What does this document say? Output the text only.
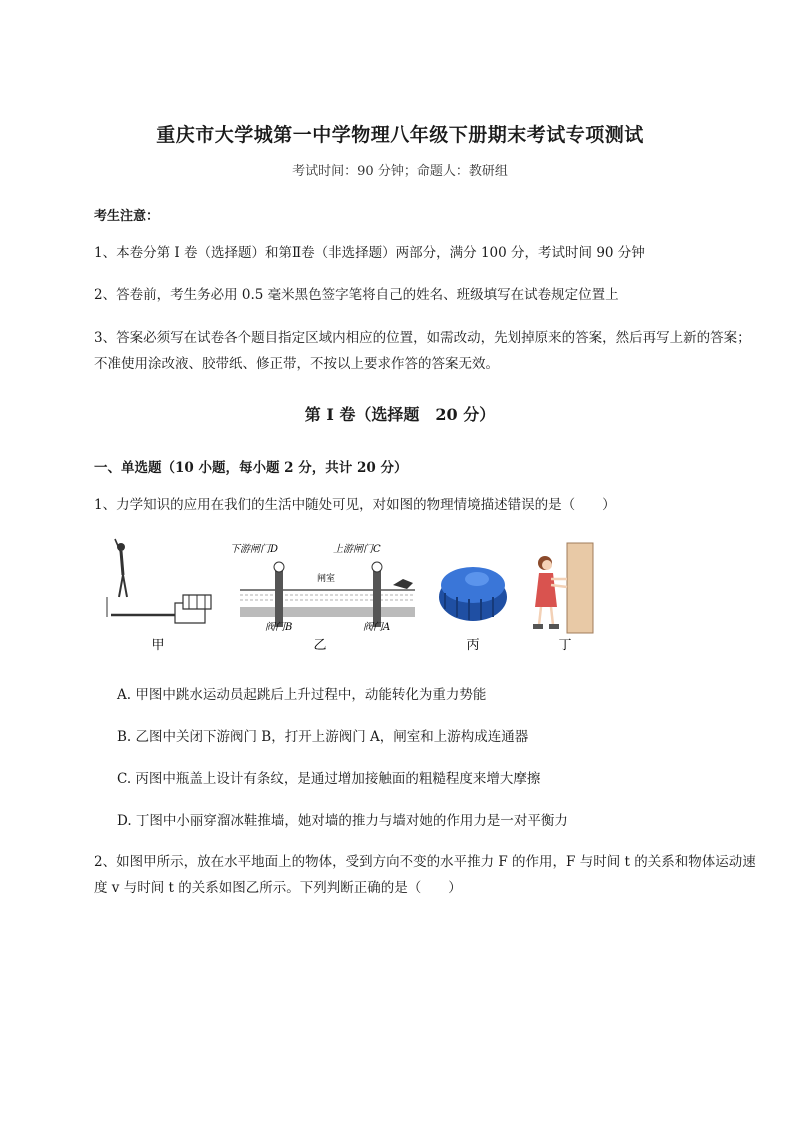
重庆市大学城第一中学物理八年级下册期末考试专项测试
考试时间：90 分钟；命题人：教研组
考生注意：
1、本卷分第 I 卷（选择题）和第Ⅱ卷（非选择题）两部分，满分 100 分，考试时间 90 分钟
2、答卷前，考生务必用 0.5 毫米黑色签字笔将自己的姓名、班级填写在试卷规定位置上
3、答案必须写在试卷各个题目指定区域内相应的位置，如需改动，先划掉原来的答案，然后再写上新的答案；不准使用涂改液、胶带纸、修正带，不按以上要求作答的答案无效。
第 I 卷（选择题　20 分）
一、单选题（10 小题，每小题 2 分，共计 20 分）
1、力学知识的应用在我们的生活中随处可见，对如图的物理情境描述错误的是（　　）
下游闸门D	上游闸门C
闸室
阀门B	阀门A
甲	乙	丙	丁
A. 甲图中跳水运动员起跳后上升过程中，动能转化为重力势能
B. 乙图中关闭下游阀门 B，打开上游阀门 A，闸室和上游构成连通器
C. 丙图中瓶盖上设计有条纹，是通过增加接触面的粗糙程度来增大摩擦
D. 丁图中小丽穿溜冰鞋推墙，她对墙的推力与墙对她的作用力是一对平衡力
2、如图甲所示，放在水平地面上的物体，受到方向不变的水平推力 F 的作用，F 与时间 t 的关系和物体运动速度 v 与时间 t 的关系如图乙所示。下列判断正确的是（　　）
